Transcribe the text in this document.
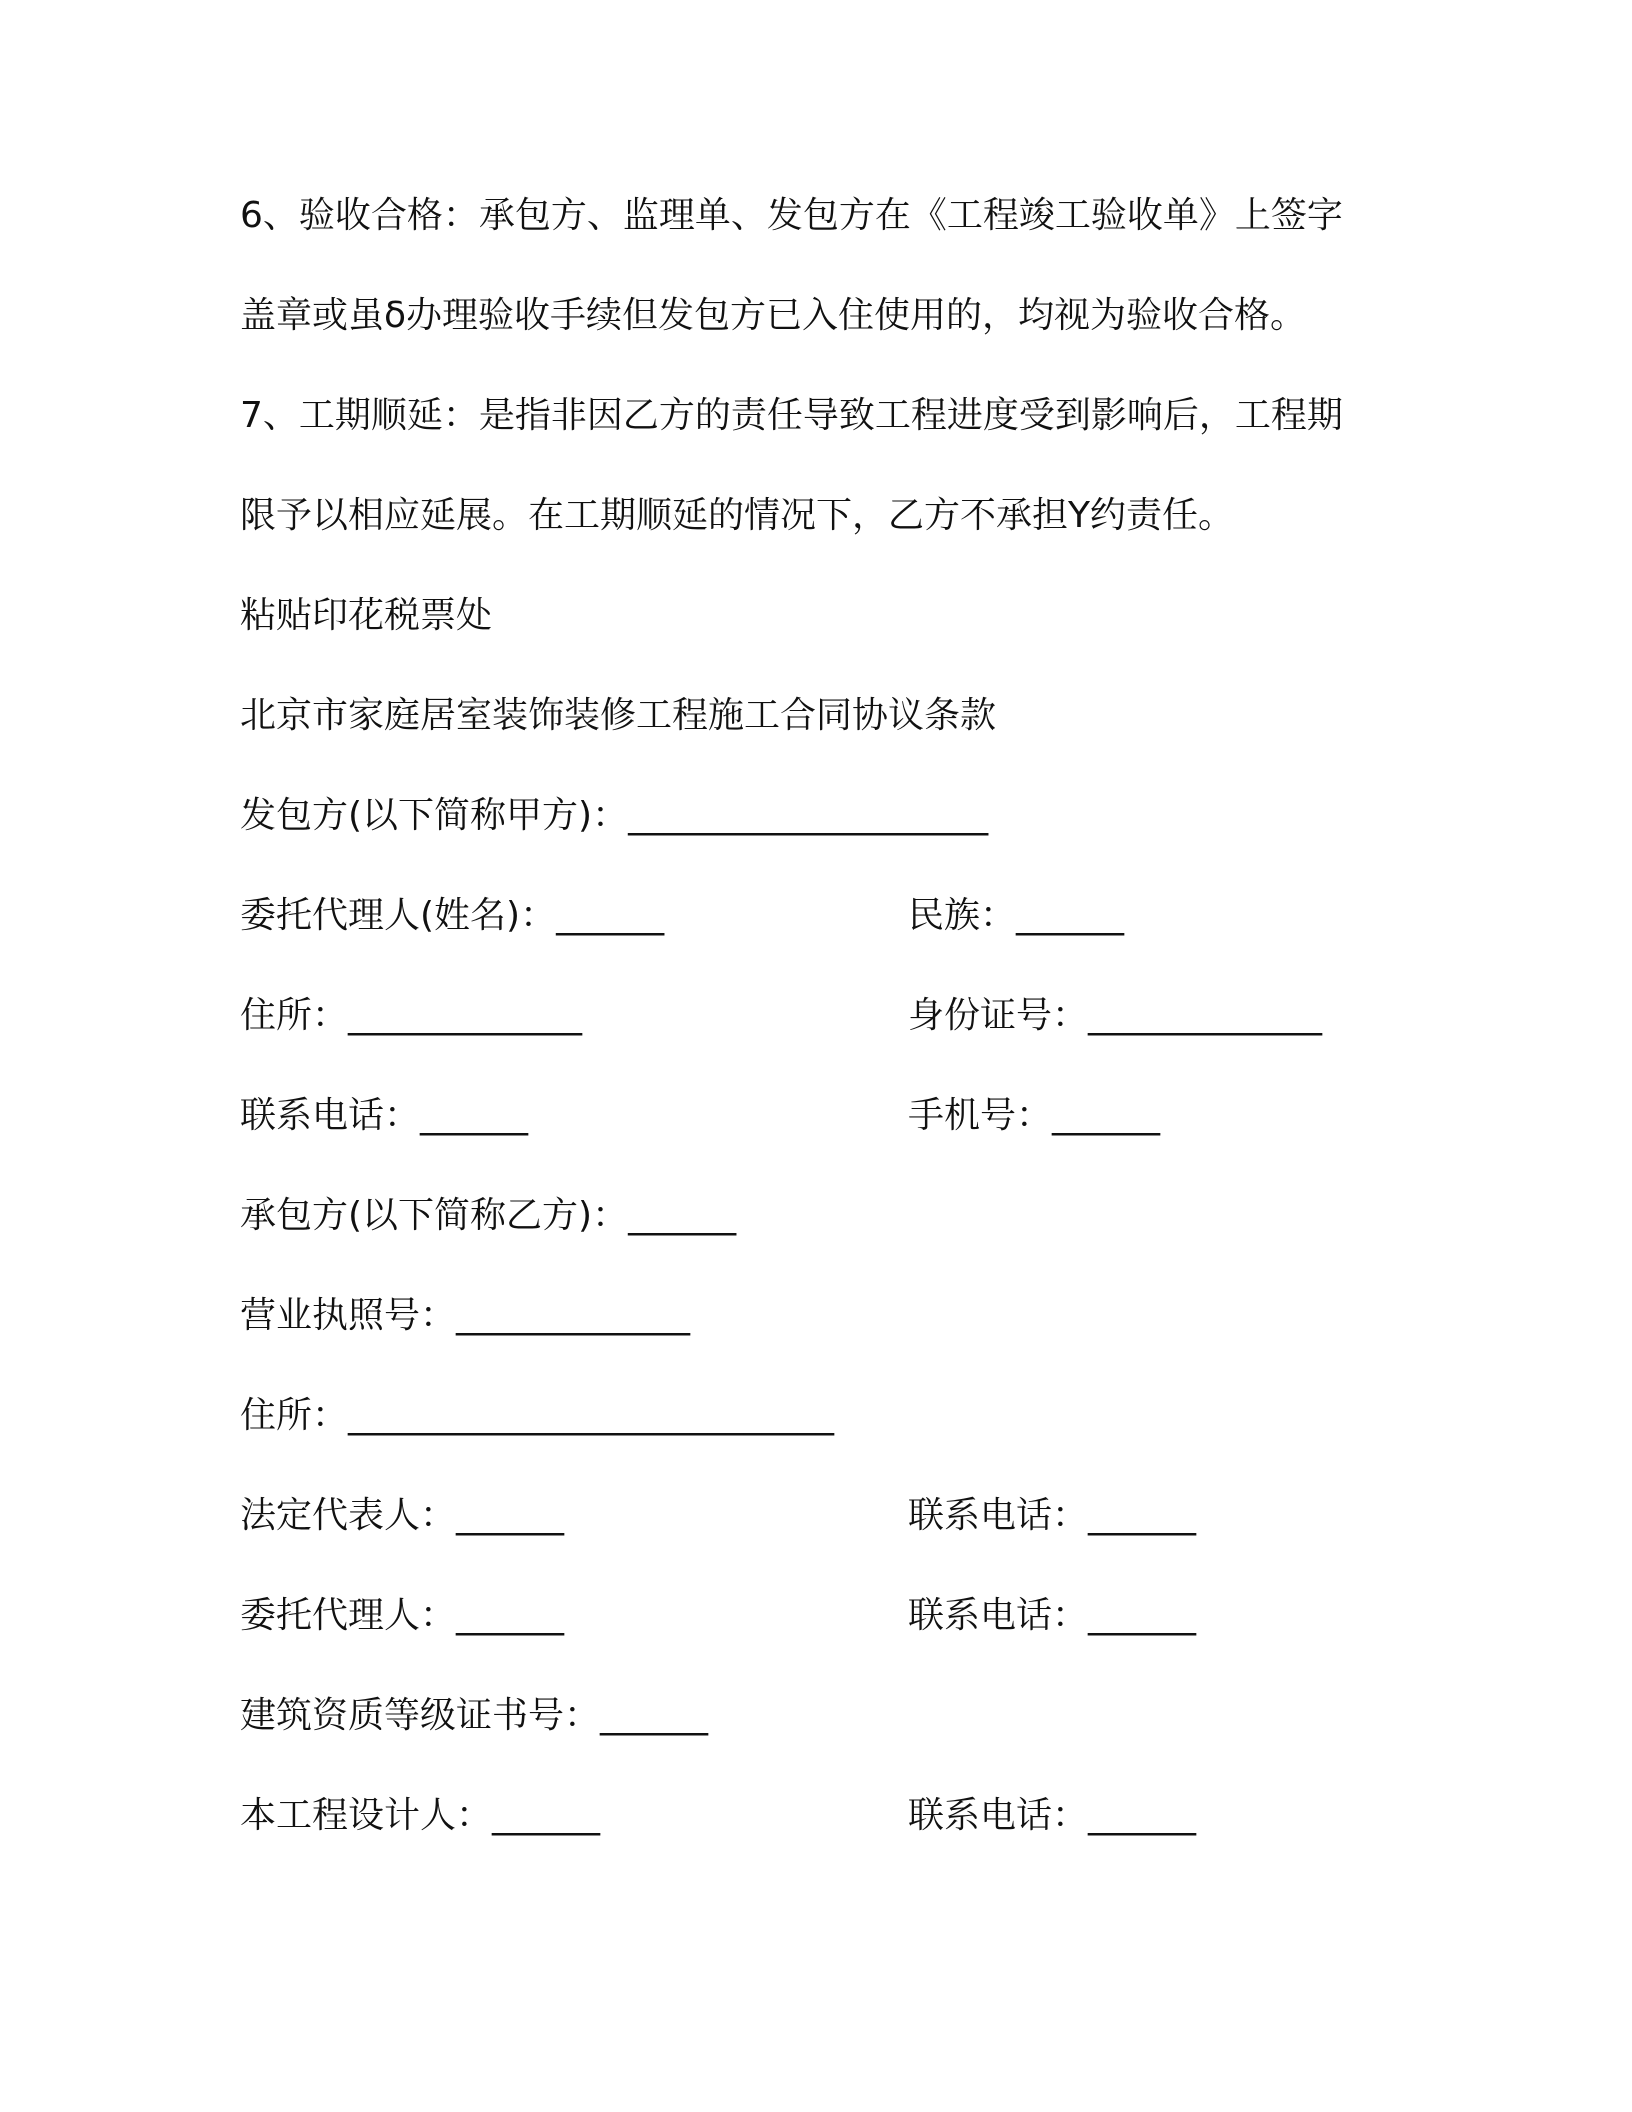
6、验收合格：承包方、监理单、发包方在《工程竣工验收单》上签字
盖章或虽δ办理验收手续但发包方已入住使用的，均视为验收合格。
7、工期顺延：是指非因乙方的责任导致工程进度受到影响后，工程期
限予以相应延展。在工期顺延的情况下，乙方不承担Y约责任。
粘贴印花税票处
北京市家庭居室装饰装修工程施工合同协议条款
发包方(以下简称甲方)：____________________
委托代理人(姓名)：______	民族：______
住所：_____________	身份证号：_____________
联系电话：______	手机号：______
承包方(以下简称乙方)：______
营业执照号：_____________
住所：___________________________
法定代表人：______	联系电话：______
委托代理人：______	联系电话：______
建筑资质等级证书号：______
本工程设计人：______	联系电话：______
